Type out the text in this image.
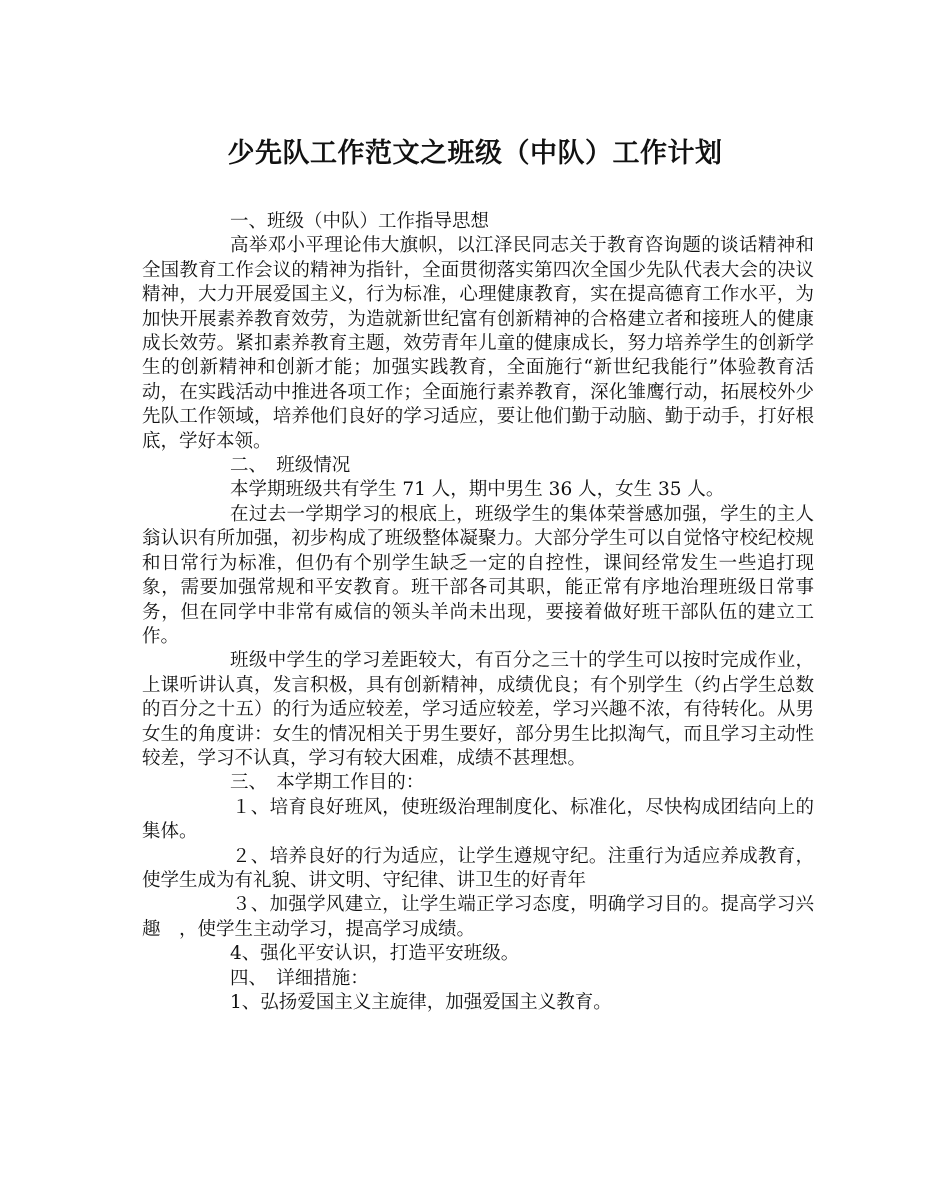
少先队工作范文之班级（中队）工作计划

一、班级（中队）工作指导思想

高举邓小平理论伟大旗帜，以江泽民同志关于教育咨询题的谈话精神和全国教育工作会议的精神为指针，全面贯彻落实第四次全国少先队代表大会的决议精神，大力开展爱国主义，行为标准，心理健康教育，实在提高德育工作水平，为加快开展素养教育效劳，为造就新世纪富有创新精神的合格建立者和接班人的健康成长效劳。紧扣素养教育主题，效劳青年儿童的健康成长，努力培养学生的创新学生的创新精神和创新才能；加强实践教育，全面施行“新世纪我能行”体验教育活动，在实践活动中推进各项工作；全面施行素养教育，深化雏鹰行动，拓展校外少先队工作领域，培养他们良好的学习适应，要让他们勤于动脑、勤于动手，打好根底，学好本领。

二、　班级情况

本学期班级共有学生 71 人，期中男生 36 人，女生 35 人。

在过去一学期学习的根底上，班级学生的集体荣誉感加强，学生的主人翁认识有所加强，初步构成了班级整体凝聚力。大部分学生可以自觉恪守校纪校规和日常行为标准，但仍有个别学生缺乏一定的自控性，课间经常发生一些追打现象，需要加强常规和平安教育。班干部各司其职，能正常有序地治理班级日常事务，但在同学中非常有威信的领头羊尚未出现，要接着做好班干部队伍的建立工作。

班级中学生的学习差距较大，有百分之三十的学生可以按时完成作业，上课听讲认真，发言积极，具有创新精神，成绩优良；有个别学生（约占学生总数的百分之十五）的行为适应较差，学习适应较差，学习兴趣不浓，有待转化。从男女生的角度讲：女生的情况相关于男生要好，部分男生比拟淘气，而且学习主动性较差，学习不认真，学习有较大困难，成绩不甚理想。

三、　本学期工作目的：

１、培育良好班风，使班级治理制度化、标准化，尽快构成团结向上的集体。

２、培养良好的行为适应，让学生遵规守纪。注重行为适应养成教育，使学生成为有礼貌、讲文明、守纪律、讲卫生的好青年

３、加强学风建立，让学生端正学习态度，明确学习目的。提高学习兴趣　，使学生主动学习，提高学习成绩。

4、强化平安认识，打造平安班级。

四、　详细措施：

1、弘扬爱国主义主旋律，加强爱国主义教育。
